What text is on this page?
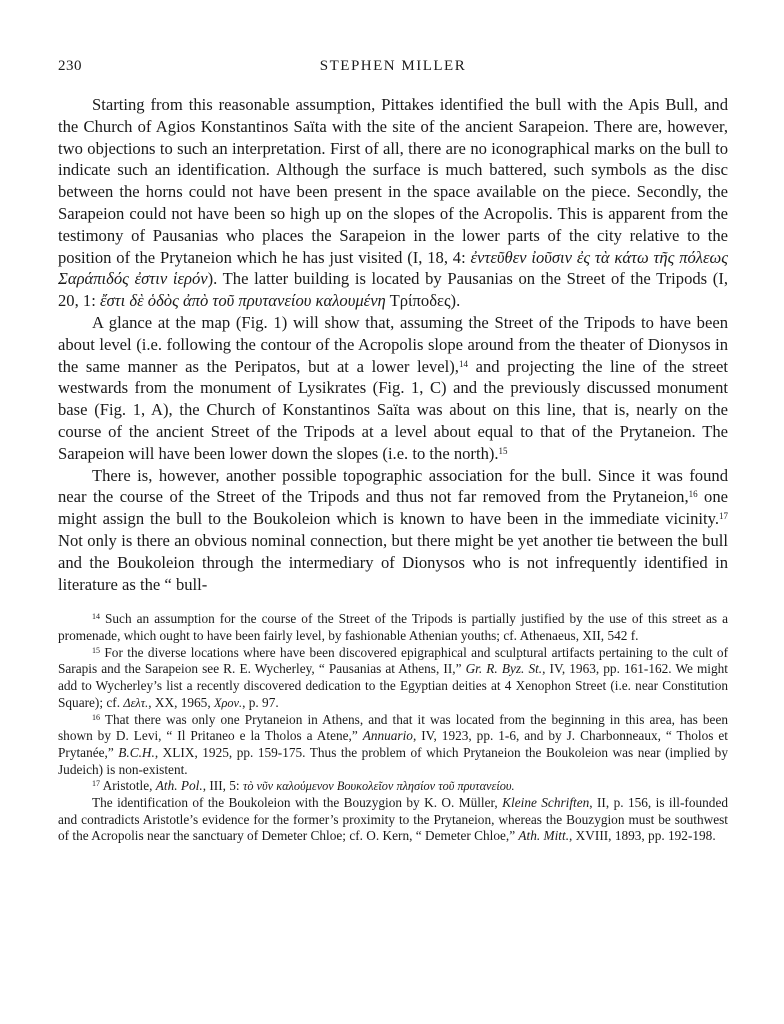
230	STEPHEN MILLER

Starting from this reasonable assumption, Pittakes identified the bull with the Apis Bull, and the Church of Agios Konstantinos Saïta with the site of the ancient Sarapeion. There are, however, two objections to such an interpretation. First of all, there are no iconographical marks on the bull to indicate such an identification. Although the surface is much battered, such symbols as the disc between the horns could not have been present in the space available on the piece. Secondly, the Sarapeion could not have been so high up on the slopes of the Acropolis. This is apparent from the testimony of Pausanias who places the Sarapeion in the lower parts of the city relative to the position of the Prytaneion which he has just visited (I, 18, 4: ἐντεῦθεν ἰοῦσιν ἐς τὰ κάτω τῆς πόλεως Σαράπιδός ἐστιν ἱερόν). The latter building is located by Pausanias on the Street of the Tripods (I, 20, 1: ἔστι δὲ ὁδὸς ἀπὸ τοῦ πρυτανείου καλουμένη Τρίποδες).

A glance at the map (Fig. 1) will show that, assuming the Street of the Tripods to have been about level (i.e. following the contour of the Acropolis slope around from the theater of Dionysos in the same manner as the Peripatos, but at a lower level),$^{14}$ and projecting the line of the street westwards from the monument of Lysikrates (Fig. 1, C) and the previously discussed monument base (Fig. 1, A), the Church of Konstantinos Saïta was about on this line, that is, nearly on the course of the ancient Street of the Tripods at a level about equal to that of the Prytaneion. The Sarapeion will have been lower down the slopes (i.e. to the north).$^{15}$

There is, however, another possible topographic association for the bull. Since it was found near the course of the Street of the Tripods and thus not far removed from the Prytaneion,$^{16}$ one might assign the bull to the Boukoleion which is known to have been in the immediate vicinity.$^{17}$ Not only is there an obvious nominal connection, but there might be yet another tie between the bull and the Boukoleion through the intermediary of Dionysos who is not infrequently identified in literature as the “ bull-

$^{14}$ Such an assumption for the course of the Street of the Tripods is partially justified by the use of this street as a promenade, which ought to have been fairly level, by fashionable Athenian youths; cf. Athenaeus, XII, 542 f.

$^{15}$ For the diverse locations where have been discovered epigraphical and sculptural artifacts pertaining to the cult of Sarapis and the Sarapeion see R. E. Wycherley, “ Pausanias at Athens, II,” Gr. R. Byz. St., IV, 1963, pp. 161-162. We might add to Wycherley’s list a recently discovered dedication to the Egyptian deities at 4 Xenophon Street (i.e. near Constitution Square); cf. Δελτ., XX, 1965, Χρον., p. 97.

$^{16}$ That there was only one Prytaneion in Athens, and that it was located from the beginning in this area, has been shown by D. Levi, “ Il Pritaneo e la Tholos a Atene,” Annuario, IV, 1923, pp. 1-6, and by J. Charbonneaux, “ Tholos et Prytanée,” B.C.H., XLIX, 1925, pp. 159-175. Thus the problem of which Prytaneion the Boukoleion was near (implied by Judeich) is non-existent.

$^{17}$ Aristotle, Ath. Pol., III, 5: τὸ νῦν καλούμενον Βουκολεῖον πλησίον τοῦ πρυτανείου.

The identification of the Boukoleion with the Bouzygion by K. O. Müller, Kleine Schriften, II, p. 156, is ill-founded and contradicts Aristotle’s evidence for the former’s proximity to the Prytaneion, whereas the Bouzygion must be southwest of the Acropolis near the sanctuary of Demeter Chloe; cf. O. Kern, “ Demeter Chloe,” Ath. Mitt., XVIII, 1893, pp. 192-198.
